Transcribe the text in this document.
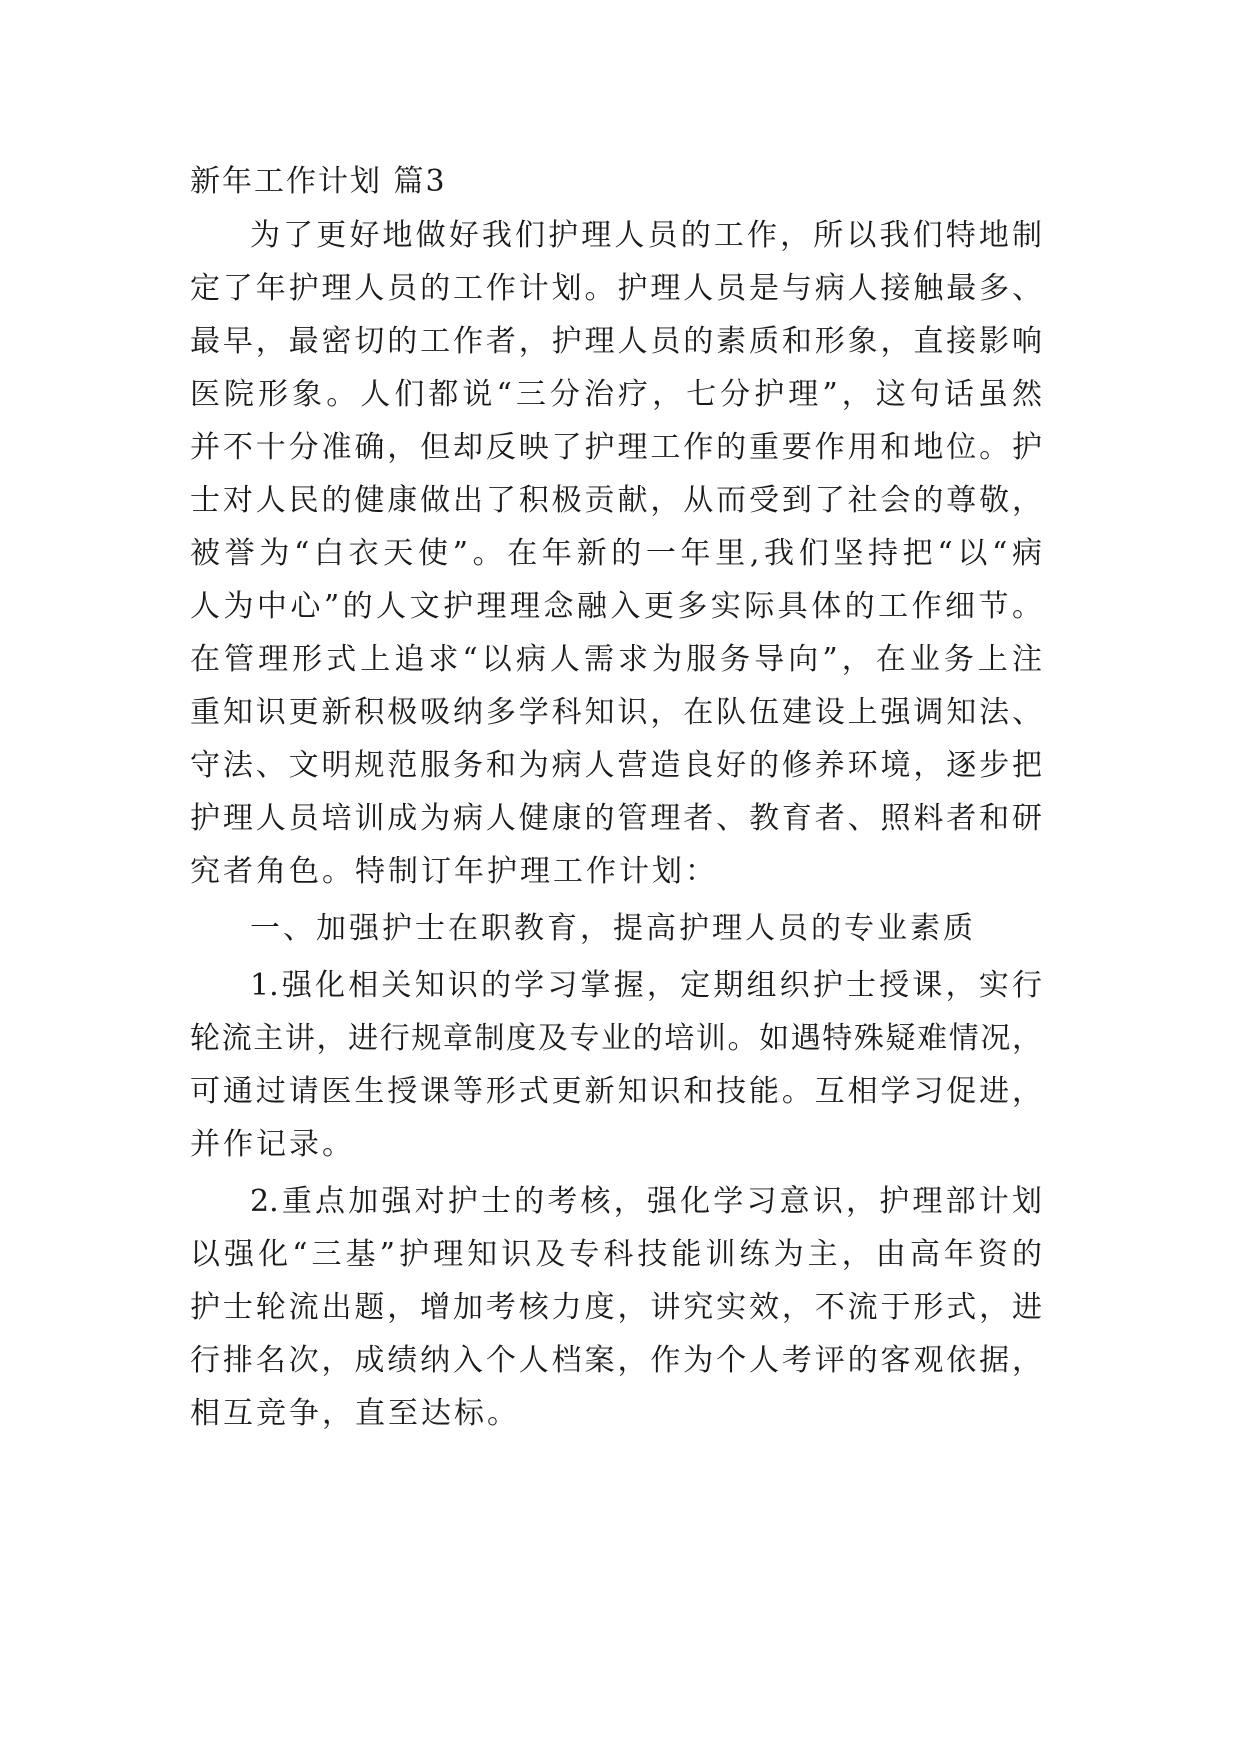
新年工作计划 篇3
为了更好地做好我们护理人员的工作，所以我们特地制
定了年护理人员的工作计划。护理人员是与病人接触最多、
最早，最密切的工作者，护理人员的素质和形象，直接影响
医院形象。人们都说“三分治疗，七分护理”，这句话虽然
并不十分准确，但却反映了护理工作的重要作用和地位。护
士对人民的健康做出了积极贡献，从而受到了社会的尊敬，
被誉为“白衣天使”。在年新的一年里,我们坚持把“以“病
人为中心”的人文护理理念融入更多实际具体的工作细节。
在管理形式上追求“以病人需求为服务导向”，在业务上注
重知识更新积极吸纳多学科知识，在队伍建设上强调知法、
守法、文明规范服务和为病人营造良好的修养环境，逐步把
护理人员培训成为病人健康的管理者、教育者、照料者和研
究者角色。特制订年护理工作计划：
一、加强护士在职教育，提高护理人员的专业素质
1.强化相关知识的学习掌握，定期组织护士授课，实行
轮流主讲，进行规章制度及专业的培训。如遇特殊疑难情况，
可通过请医生授课等形式更新知识和技能。互相学习促进，
并作记录。
2.重点加强对护士的考核，强化学习意识，护理部计划
以强化“三基”护理知识及专科技能训练为主，由高年资的
护士轮流出题，增加考核力度，讲究实效，不流于形式，进
行排名次，成绩纳入个人档案，作为个人考评的客观依据，
相互竞争，直至达标。
